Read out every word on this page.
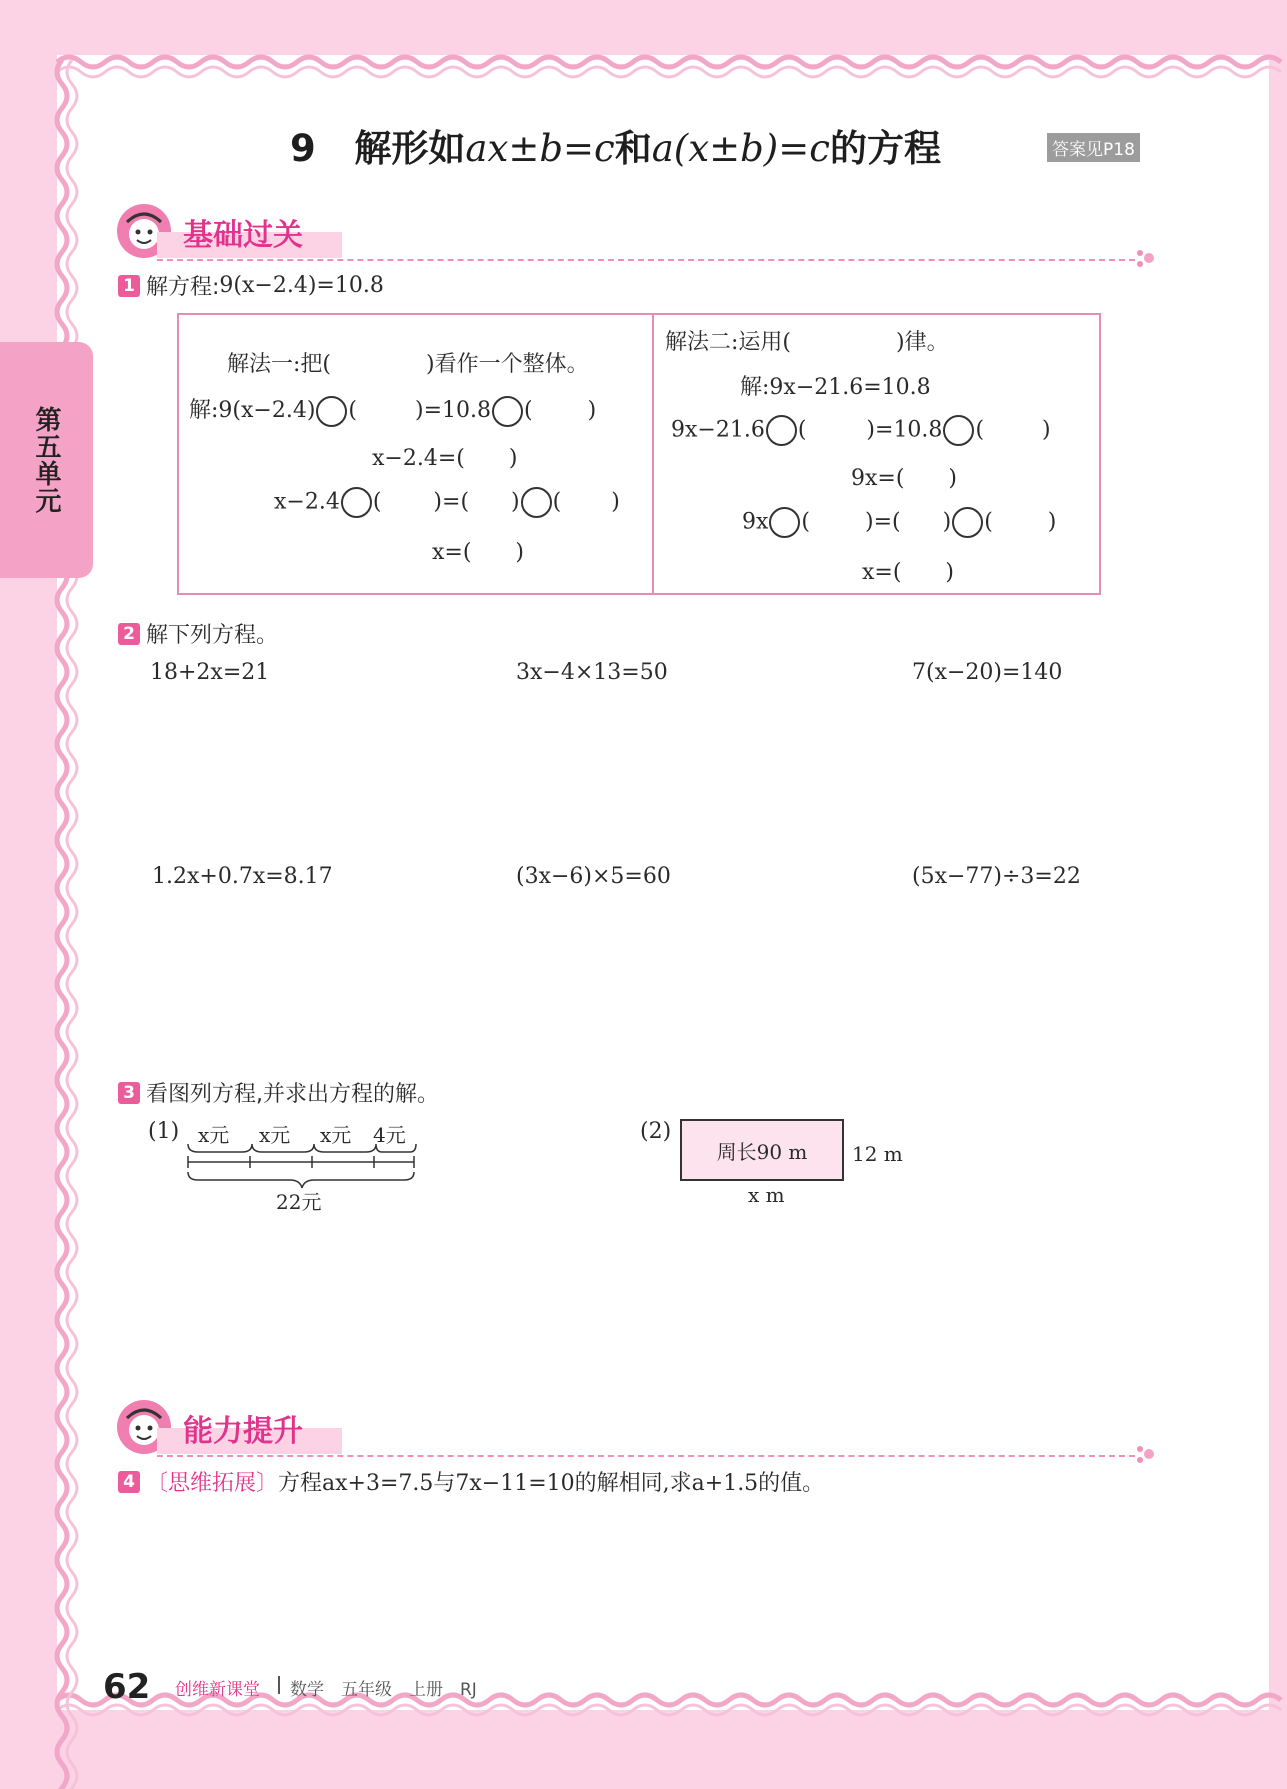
第五单元
9 解形如ax±b=c和a(x±b)=c的方程	答案见P18
基础过关
1 解方程:9(x−2.4)=10.8
解法一:把(	)看作一个整体。
解:9(x−2.4) (	)=10.8 (	)
x−2.4=(　　)
x−2.4 ( )=( ) ( )
x=(　　)
解法二:运用(	)律。
解:9x−21.6=10.8
9x−21.6 (	)=10.8 (	)
9x=(　　)
9x (	)=( ) (	)
x=(　　)
2 解下列方程。
18+2x=21	3x−4×13=50	7(x−20)=140
1.2x+0.7x=8.17	(3x−6)×5=60	(5x−77)÷3=22
3 看图列方程,并求出方程的解。
(1) x元 x元 x元 4元
22元
(2)
周长90 m 12 m
x m
能力提升
4 〔思维拓展〕方程ax+3=7.5与7x−11=10的解相同,求a+1.5的值。
62 创维新课堂 数学　五年级　上册　RJ
